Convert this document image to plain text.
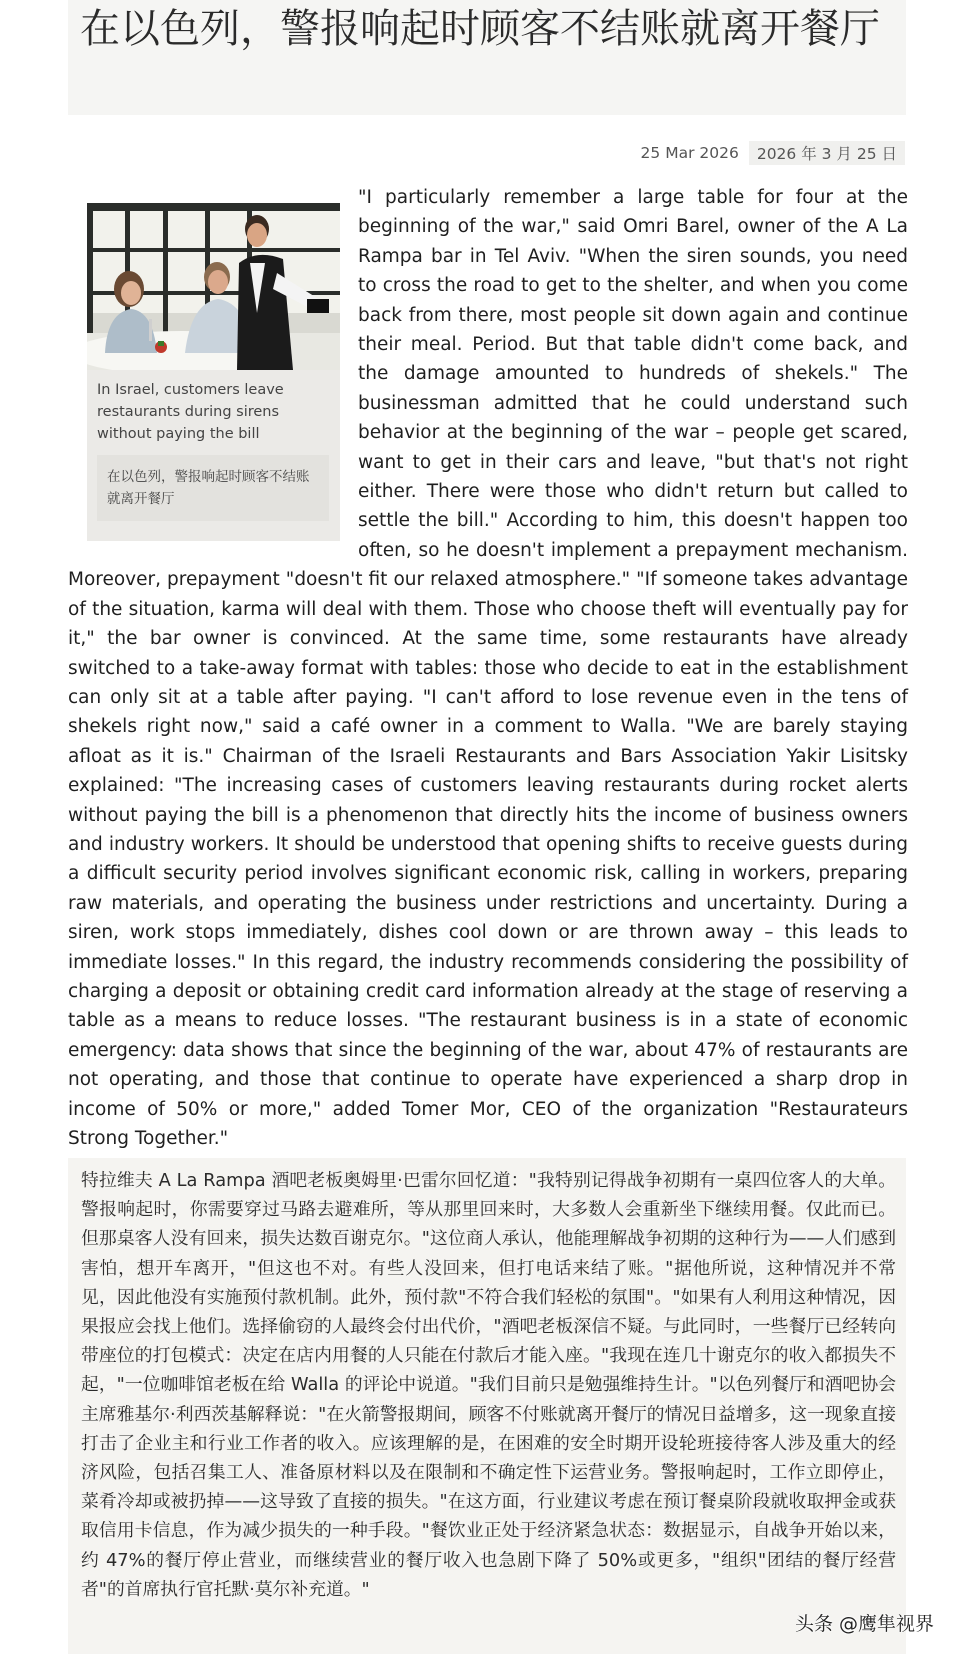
在以色列，警报响起时顾客不结账就离开餐厅
25 Mar 2026	2026 年 3 月 25 日
In Israel, customers leave restaurants during sirens without paying the bill
在以色列，警报响起时顾客不结账就离开餐厅
"I particularly remember a large table for four at the beginning of the war," said Omri Barel, owner of the A La Rampa bar in Tel Aviv. "When the siren sounds, you need to cross the road to get to the shelter, and when you come back from there, most people sit down again and continue their meal. Period. But that table didn't come back, and the damage amounted to hundreds of shekels." The businessman admitted that he could understand such behavior at the beginning of the war – people get scared, want to get in their cars and leave, "but that's not right either. There were those who didn't return but called to settle the bill." According to him, this doesn't happen too often, so he doesn't implement a prepayment mechanism. Moreover, prepayment "doesn't fit our relaxed atmosphere." "If someone takes advantage of the situation, karma will deal with them. Those who choose theft will eventually pay for it," the bar owner is convinced. At the same time, some restaurants have already switched to a take-away format with tables: those who decide to eat in the establishment can only sit at a table after paying. "I can't afford to lose revenue even in the tens of shekels right now," said a café owner in a comment to Walla. "We are barely staying afloat as it is." Chairman of the Israeli Restaurants and Bars Association Yakir Lisitsky explained: "The increasing cases of customers leaving restaurants during rocket alerts without paying the bill is a phenomenon that directly hits the income of business owners and industry workers. It should be understood that opening shifts to receive guests during a difficult security period involves significant economic risk, calling in workers, preparing raw materials, and operating the business under restrictions and uncertainty. During a siren, work stops immediately, dishes cool down or are thrown away – this leads to immediate losses." In this regard, the industry recommends considering the possibility of charging a deposit or obtaining credit card information already at the stage of reserving a table as a means to reduce losses. "The restaurant business is in a state of economic emergency: data shows that since the beginning of the war, about 47% of restaurants are not operating, and those that continue to operate have experienced a sharp drop in income of 50% or more," added Tomer Mor, CEO of the organization "Restaurateurs Strong Together."

特拉维夫 A La Rampa 酒吧老板奥姆里·巴雷尔回忆道："我特别记得战争初期有一桌四位客人的大单。警报响起时，你需要穿过马路去避难所，等从那里回来时，大多数人会重新坐下继续用餐。仅此而已。但那桌客人没有回来，损失达数百谢克尔。"这位商人承认，他能理解战争初期的这种行为——人们感到害怕，想开车离开，"但这也不对。有些人没回来，但打电话来结了账。"据他所说，这种情况并不常见，因此他没有实施预付款机制。此外，预付款"不符合我们轻松的氛围"。"如果有人利用这种情况，因果报应会找上他们。选择偷窃的人最终会付出代价，"酒吧老板深信不疑。与此同时，一些餐厅已经转向带座位的打包模式：决定在店内用餐的人只能在付款后才能入座。"我现在连几十谢克尔的收入都损失不起，"一位咖啡馆老板在给 Walla 的评论中说道。"我们目前只是勉强维持生计。"以色列餐厅和酒吧协会主席雅基尔·利西茨基解释说："在火箭警报期间，顾客不付账就离开餐厅的情况日益增多，这一现象直接打击了企业主和行业工作者的收入。应该理解的是，在困难的安全时期开设轮班接待客人涉及重大的经济风险，包括召集工人、准备原材料以及在限制和不确定性下运营业务。警报响起时，工作立即停止，菜肴冷却或被扔掉——这导致了直接的损失。"在这方面，行业建议考虑在预订餐桌阶段就收取押金或获取信用卡信息，作为减少损失的一种手段。"餐饮业正处于经济紧急状态：数据显示，自战争开始以来，约 47%的餐厅停止营业，而继续营业的餐厅收入也急剧下降了 50%或更多，"组织"团结的餐厅经营者"的首席执行官托默·莫尔补充道。"

头条 @鹰隼视界
